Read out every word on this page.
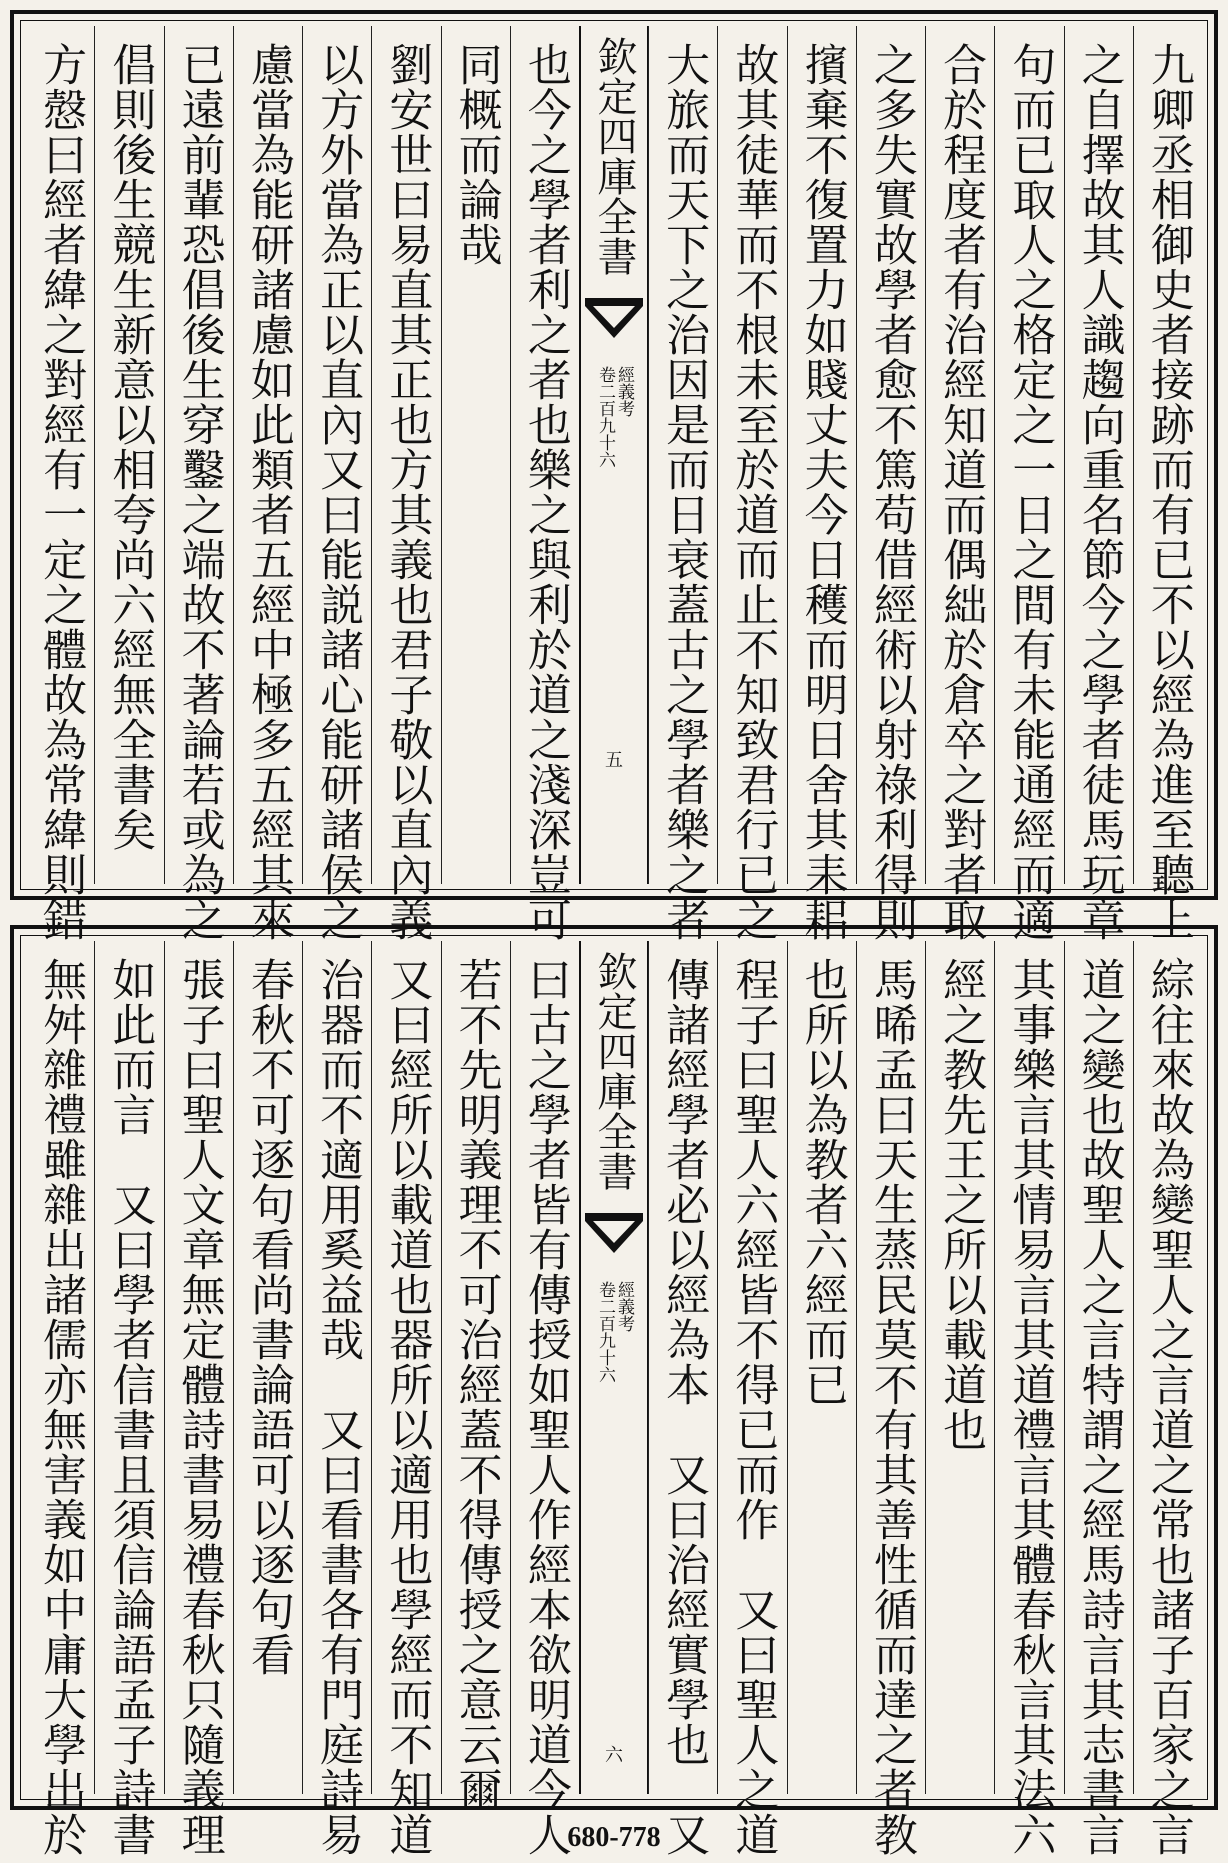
九卿丞相御史者接跡而有已不以經為進至聽上
之自擇故其人識趨向重名節今之學者徒馬玩章
句而已取人之格定之一日之間有未能通經而適
合於程度者有治經知道而偶絀於倉卒之對者取
之多失實故學者愈不篤苟借經術以射祿利得則
擯棄不復置力如賤丈夫今日穫而明日舍其耒耜
故其徒華而不根未至於道而止不知致君行已之
大旅而天下之治因是而日衰蓋古之學者樂之者
欽定四庫全書
經義考
卷二百九十六
五
也今之學者利之者也樂之與利於道之淺深豈可
同概而論哉
劉安世曰易直其正也方其義也君子敬以直內義
以方外當為正以直內又曰能説諸心能研諸侯之
慮當為能研諸慮如此類者五經中極多五經其來
已遠前輩恐倡後生穿鑿之端故不著論若或為之
倡則後生競生新意以相夸尚六經無全書矣
方慤曰經者緯之對經有一定之體故為常緯則錯
綜往來故為變聖人之言道之常也諸子百家之言
道之變也故聖人之言特謂之經馬詩言其志書言
其事樂言其情易言其道禮言其體春秋言其法六
經之教先王之所以載道也
馬晞孟曰天生蒸民莫不有其善性循而達之者教
也所以為教者六經而已
程子曰聖人六經皆不得已而作　又曰聖人之道
傳諸經學者必以經為本　又曰治經實學也　又
欽定四庫全書
經義考
卷二百九十六
六
曰古之學者皆有傳授如聖人作經本欲明道今人
若不先明義理不可治經蓋不得傳授之意云爾
又曰經所以載道也器所以適用也學經而不知道
治器而不適用奚益哉　又曰看書各有門庭詩易
春秋不可逐句看尚書論語可以逐句看
張子曰聖人文章無定體詩書易禮春秋只隨義理
如此而言　又曰學者信書且須信論語孟子詩書
無舛雜禮雖雜出諸儒亦無害義如中庸大學出於	680-778
